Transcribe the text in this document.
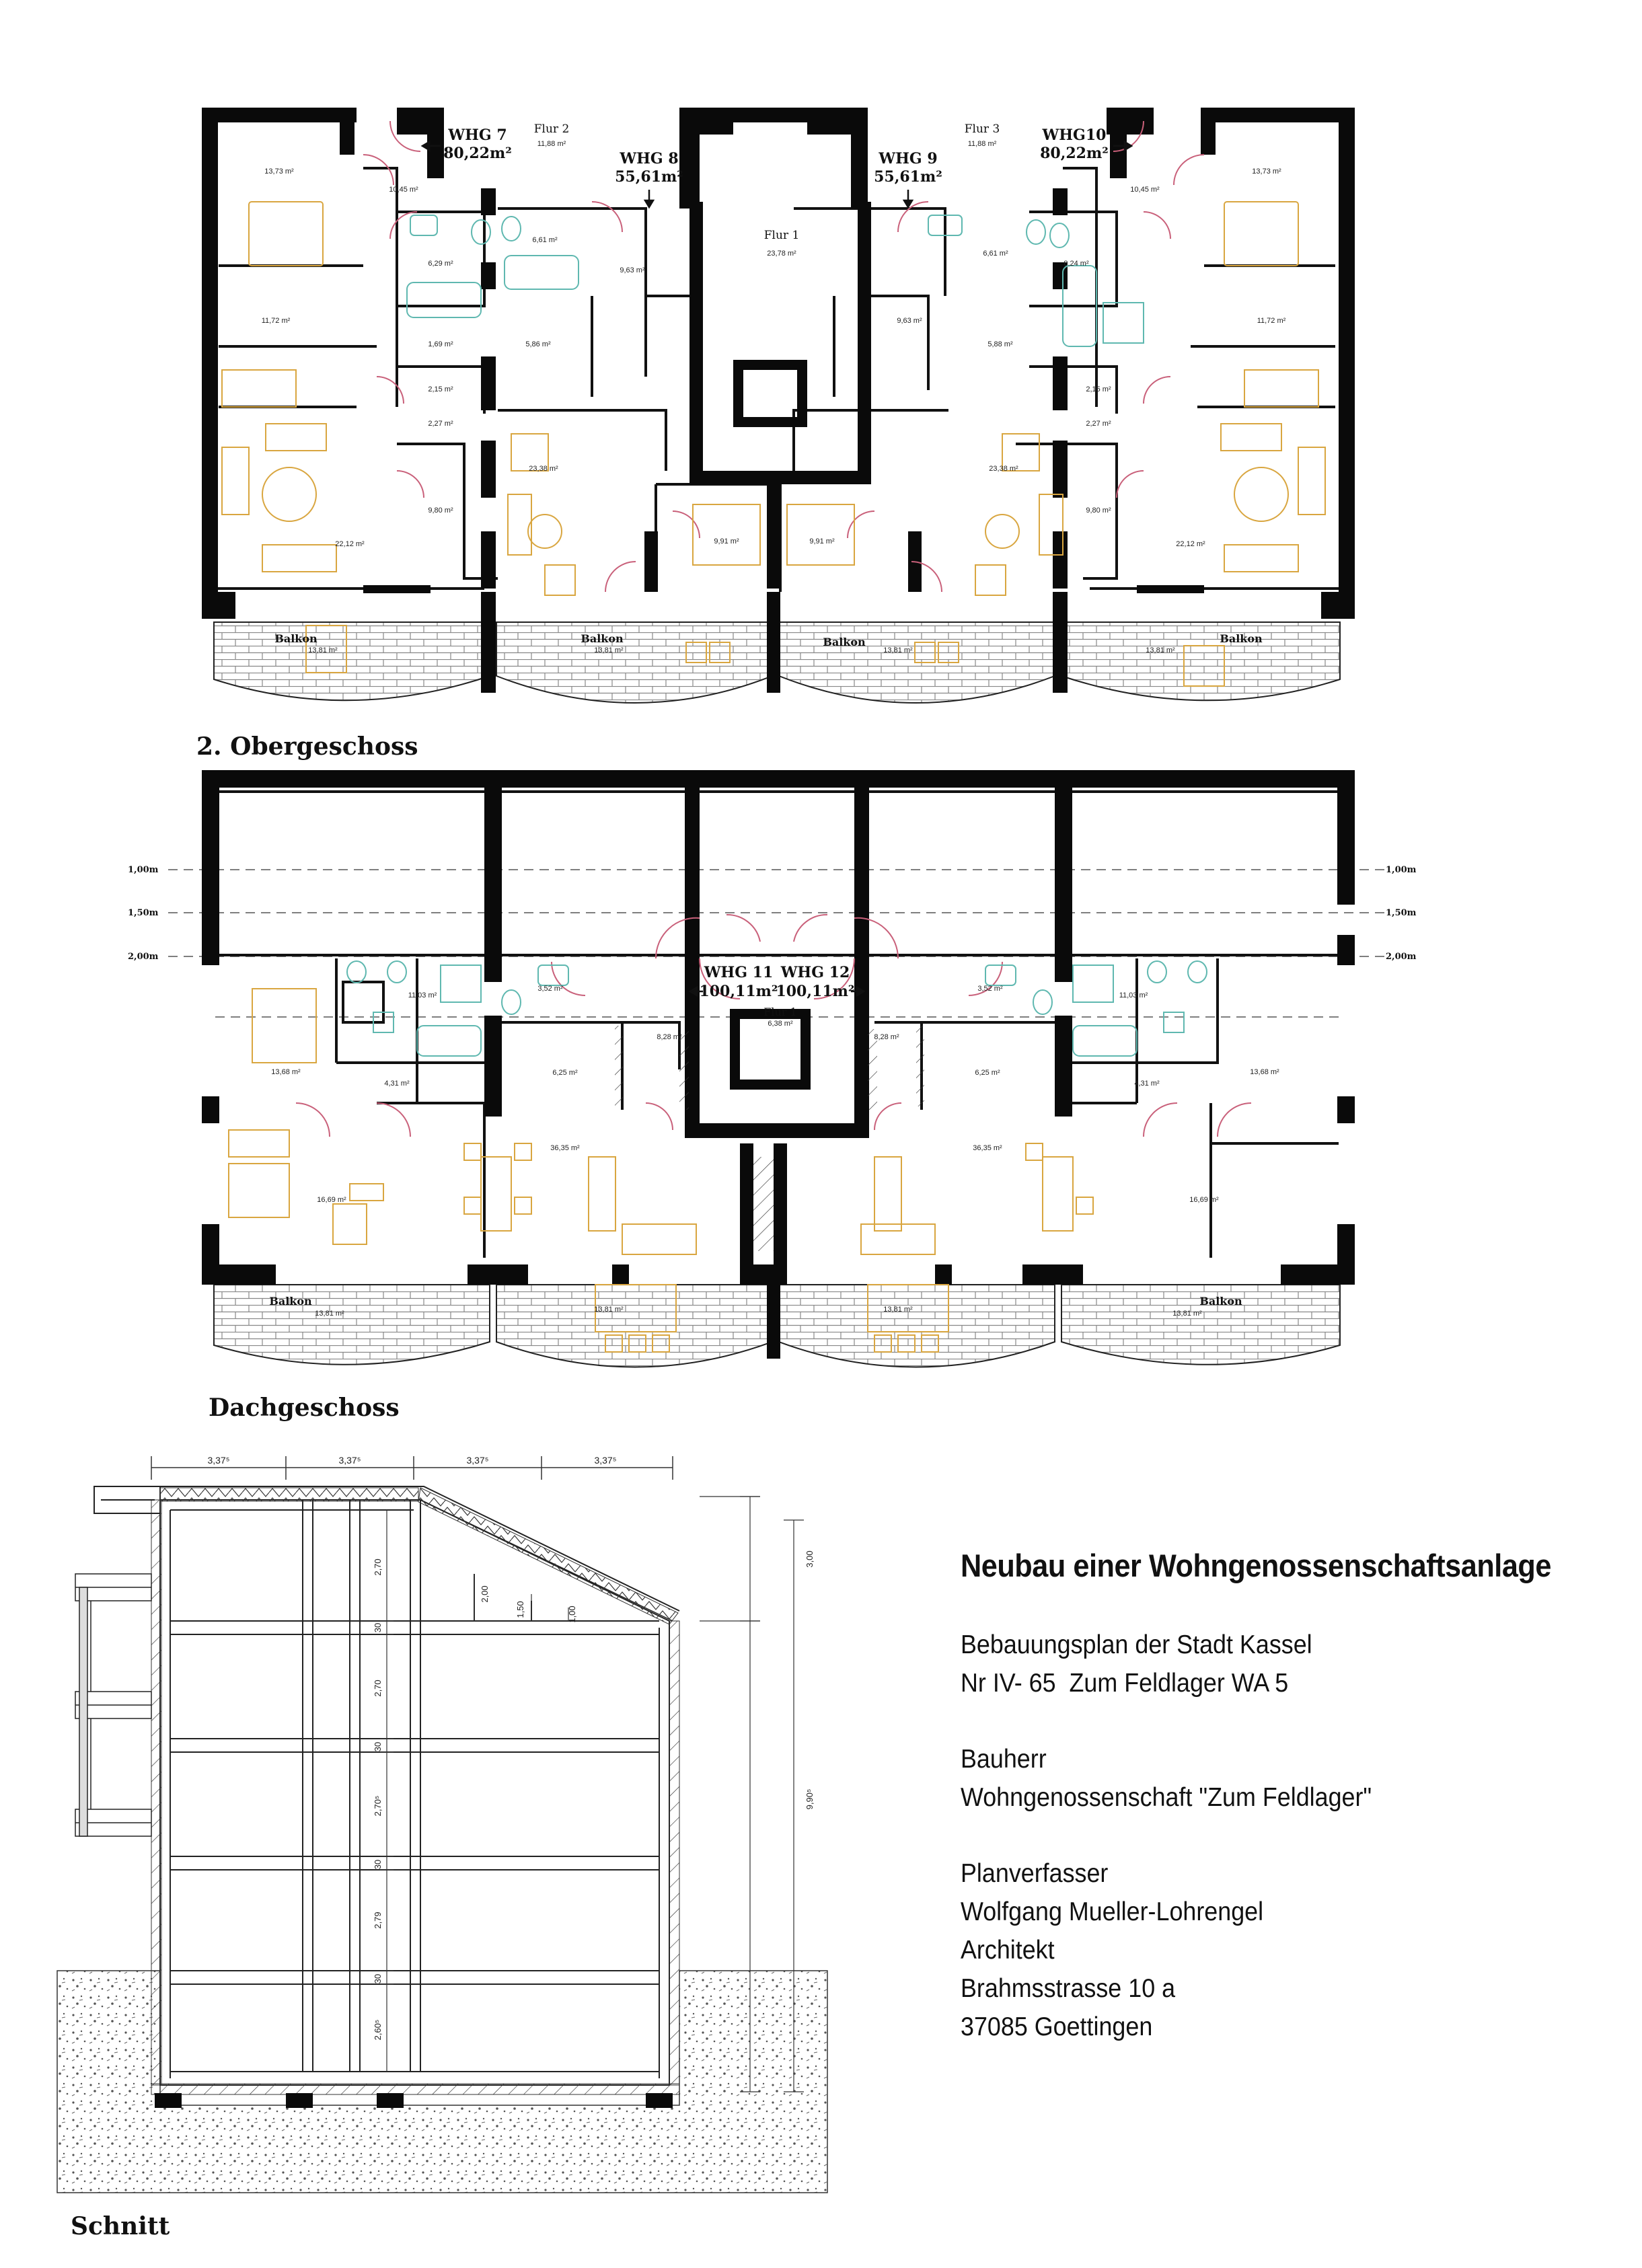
Flur 1
Flur 2	Flur 3
WHG 7
80,22m²	WHG 8
55,61m²
WHG 9
55,61m²
WHG10
80,22m²
11,88 m²	11,88 m²
23,78 m²
13,73 m²	13,73 m²
10,45 m²	10,45 m²
6,29 m²
6,61 m²
6,61 m²
8,24 m²
9,63 m²
9,63 m²
11,72 m²	11,72 m²
1,69 m²	5,86 m²	5,88 m²
2,15 m²	2,15 m²
2,27 m²	2,27 m²
23,38 m²	23,38 m²
9,80 m²	9,80 m²
9,91 m²	9,91 m²
22,12 m²	22,12 m²
13,81 m²	13,81 m²	13,81 m²	13,81 m²
Balkon	Balkon	Balkon	Balkon
2. Obergeschoss
1,00m
1,50m
2,00m
1,00m
1,50m
2,00m
WHG 11
100,11m²
WHG 12
100,11m²
Flur 1
11,03 m²	11,03 m²
3,52 m²	3,52 m²
6,38 m²
8,28 m²	8,28 m²
13,68 m²	13,68 m²
4,31 m²	4,31 m²
6,25 m²	6,25 m²
36,35 m²	36,35 m²
16,69 m²	16,69 m²
13,81 m²	13,81 m²	13,81 m²	13,81 m²
Balkon	Balkon
Dachgeschoss
3,37⁵	3,37⁵	3,37⁵	3,37⁵
2,70
30
2,70
30
2,70⁵
30
2,79
30
2,60⁵
2,00
1,50	1,00
3,00
9,90⁵
Schnitt
Neubau einer Wohngenossenschaftsanlage
Bebauungsplan der Stadt Kassel
Nr IV- 65  Zum Feldlager WA 5
Bauherr
Wohngenossenschaft "Zum Feldlager"
Planverfasser
Wolfgang Mueller-Lohrengel
Architekt
Brahmsstrasse 10 a
37085 Goettingen
